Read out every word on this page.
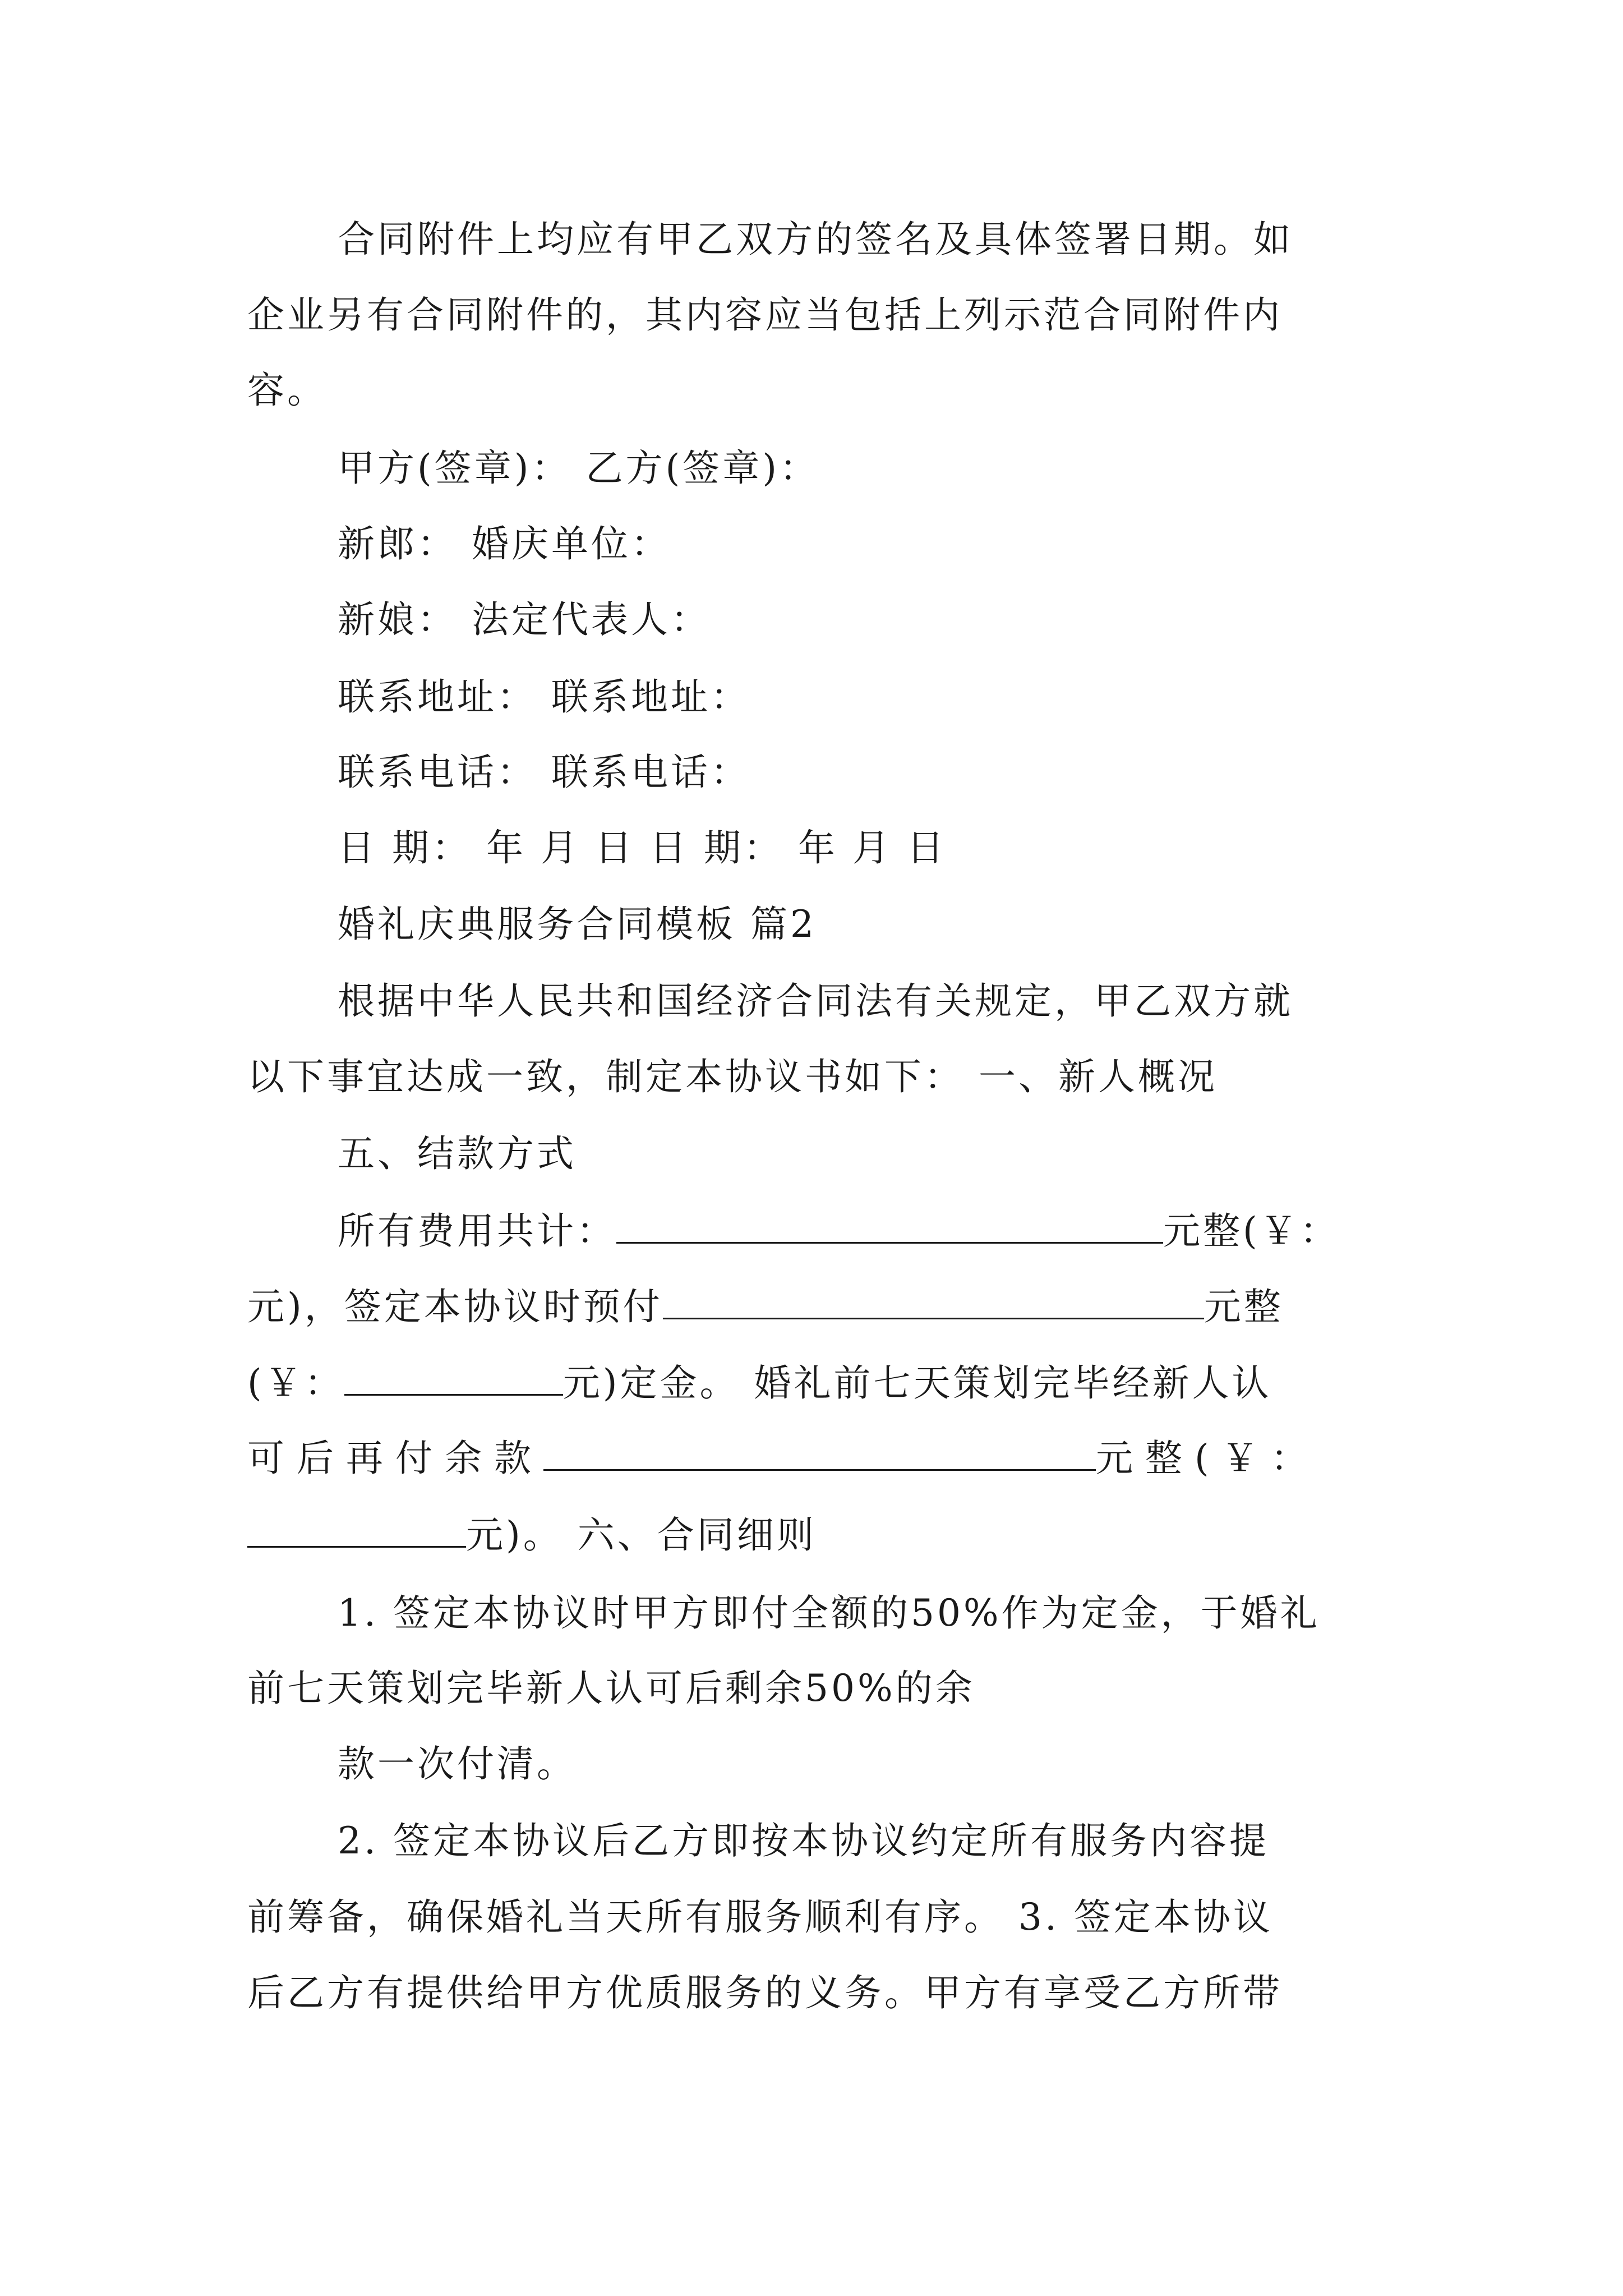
合同附件上均应有甲乙双方的签名及具体签署日期。如
企业另有合同附件的，其内容应当包括上列示范合同附件内
容。
甲方(签章)： 乙方(签章)：
新郎： 婚庆单位：
新娘： 法定代表人：
联系地址： 联系地址：
联系电话： 联系电话：
日 期： 年 月 日 日 期： 年 月 日
婚礼庆典服务合同模板 篇2
根据中华人民共和国经济合同法有关规定，甲乙双方就
以下事宜达成一致，制定本协议书如下： 一、新人概况
五、结款方式
所有费用共计：	元整(￥：
元)，签定本协议时预付	元整
(￥：	元)定金。 婚礼前七天策划完毕经新人认
可后再付余款	元整(￥：
元)。 六、合同细则
1. 签定本协议时甲方即付全额的50%作为定金，于婚礼
前七天策划完毕新人认可后剩余50%的余
款一次付清。
2. 签定本协议后乙方即按本协议约定所有服务内容提
前筹备，确保婚礼当天所有服务顺利有序。 3. 签定本协议
后乙方有提供给甲方优质服务的义务。甲方有享受乙方所带
